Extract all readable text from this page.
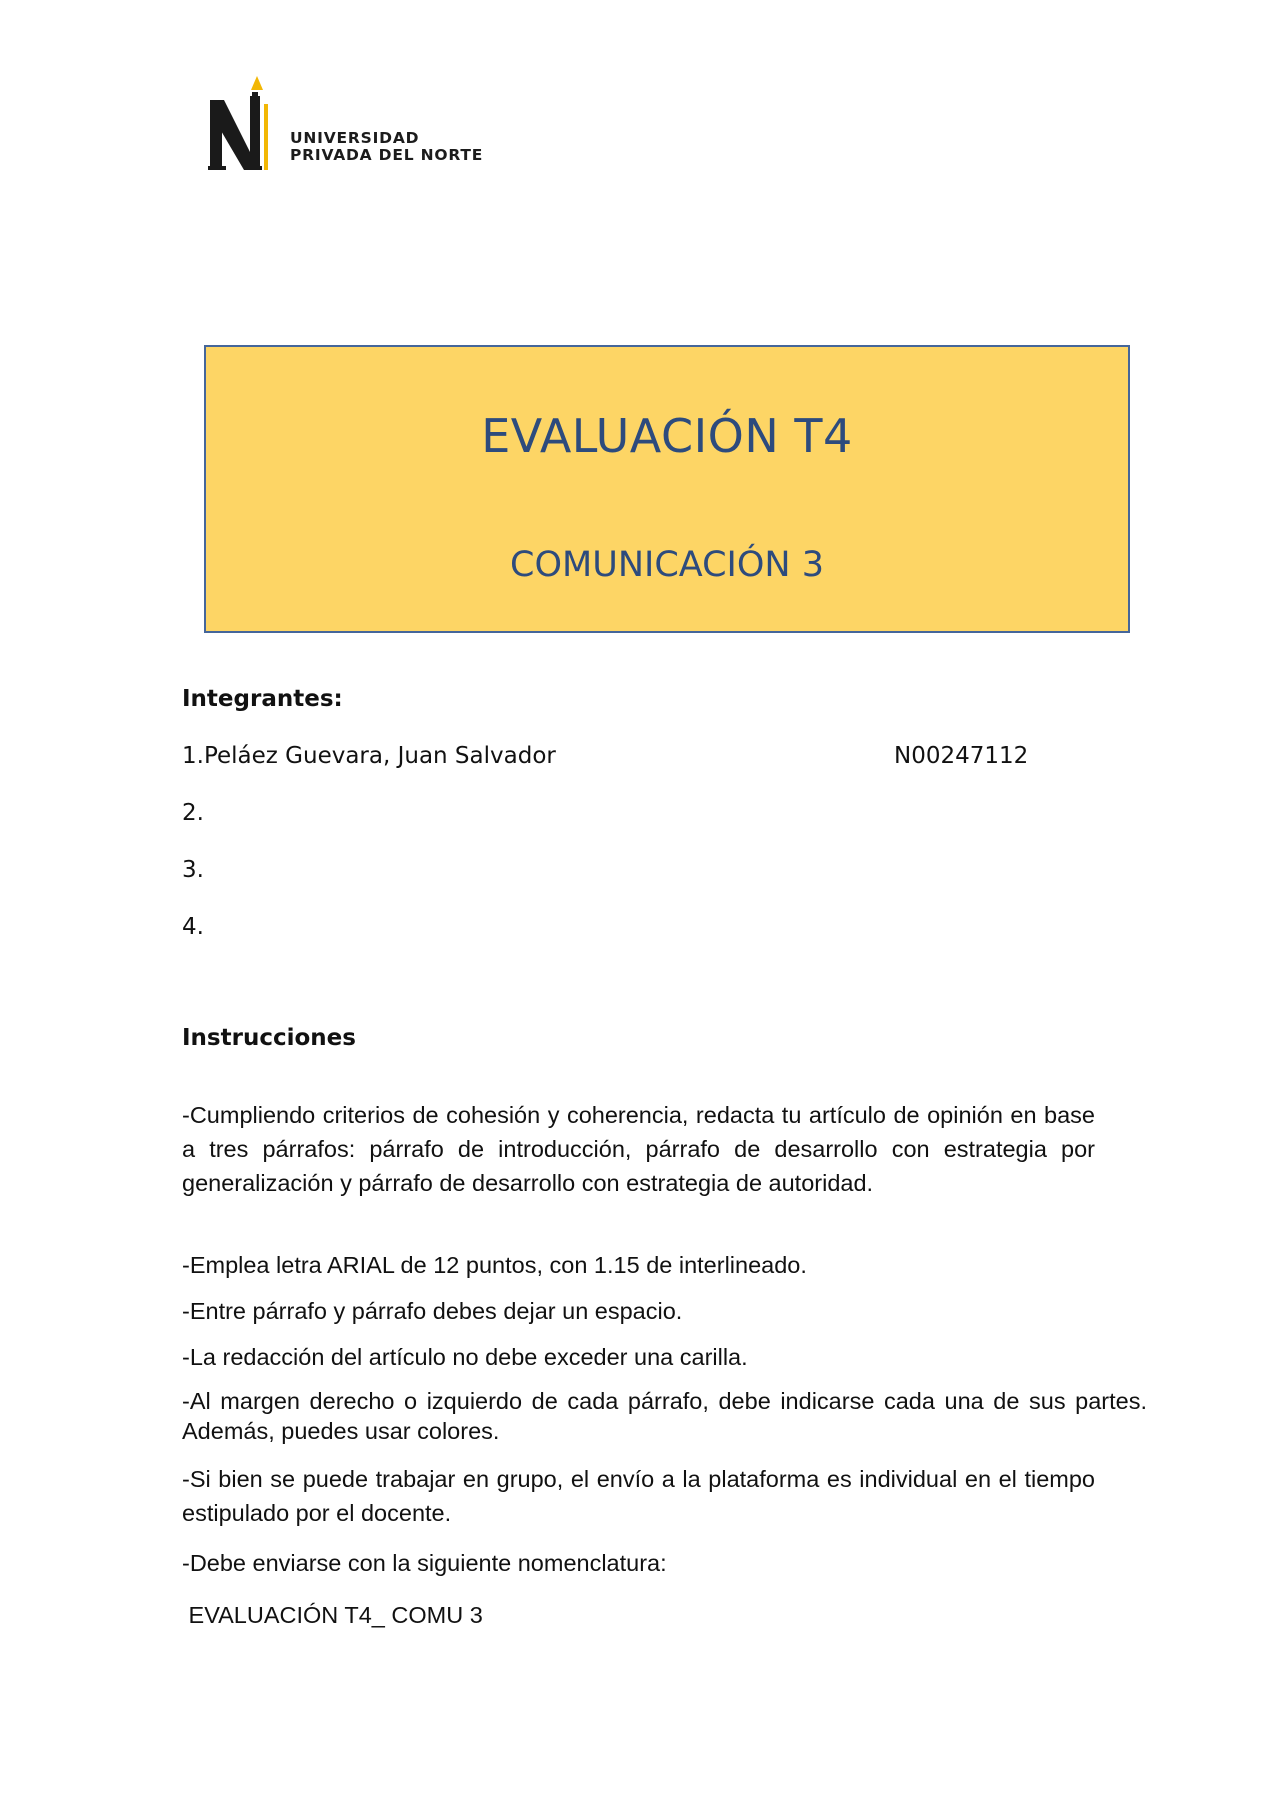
UNIVERSIDAD
PRIVADA DEL NORTE
EVALUACIÓN T4
COMUNICACIÓN 3
Integrantes:
1.Peláez Guevara, Juan Salvador	N00247112
2.
3.
4.
Instrucciones
-Cumpliendo criterios de cohesión y coherencia, redacta tu artículo de opinión en base a tres párrafos: párrafo de introducción, párrafo de desarrollo con estrategia por generalización y párrafo de desarrollo con estrategia de autoridad.
-Emplea letra ARIAL de 12 puntos, con 1.15 de interlineado.
-Entre párrafo y párrafo debes dejar un espacio.
-La redacción del artículo no debe exceder una carilla.
-Al margen derecho o izquierdo de cada párrafo, debe indicarse cada una de sus partes. Además, puedes usar colores.
-Si bien se puede trabajar en grupo, el envío a la plataforma es individual en el tiempo estipulado por el docente.
-Debe enviarse con la siguiente nomenclatura:
EVALUACIÓN T4_ COMU 3
